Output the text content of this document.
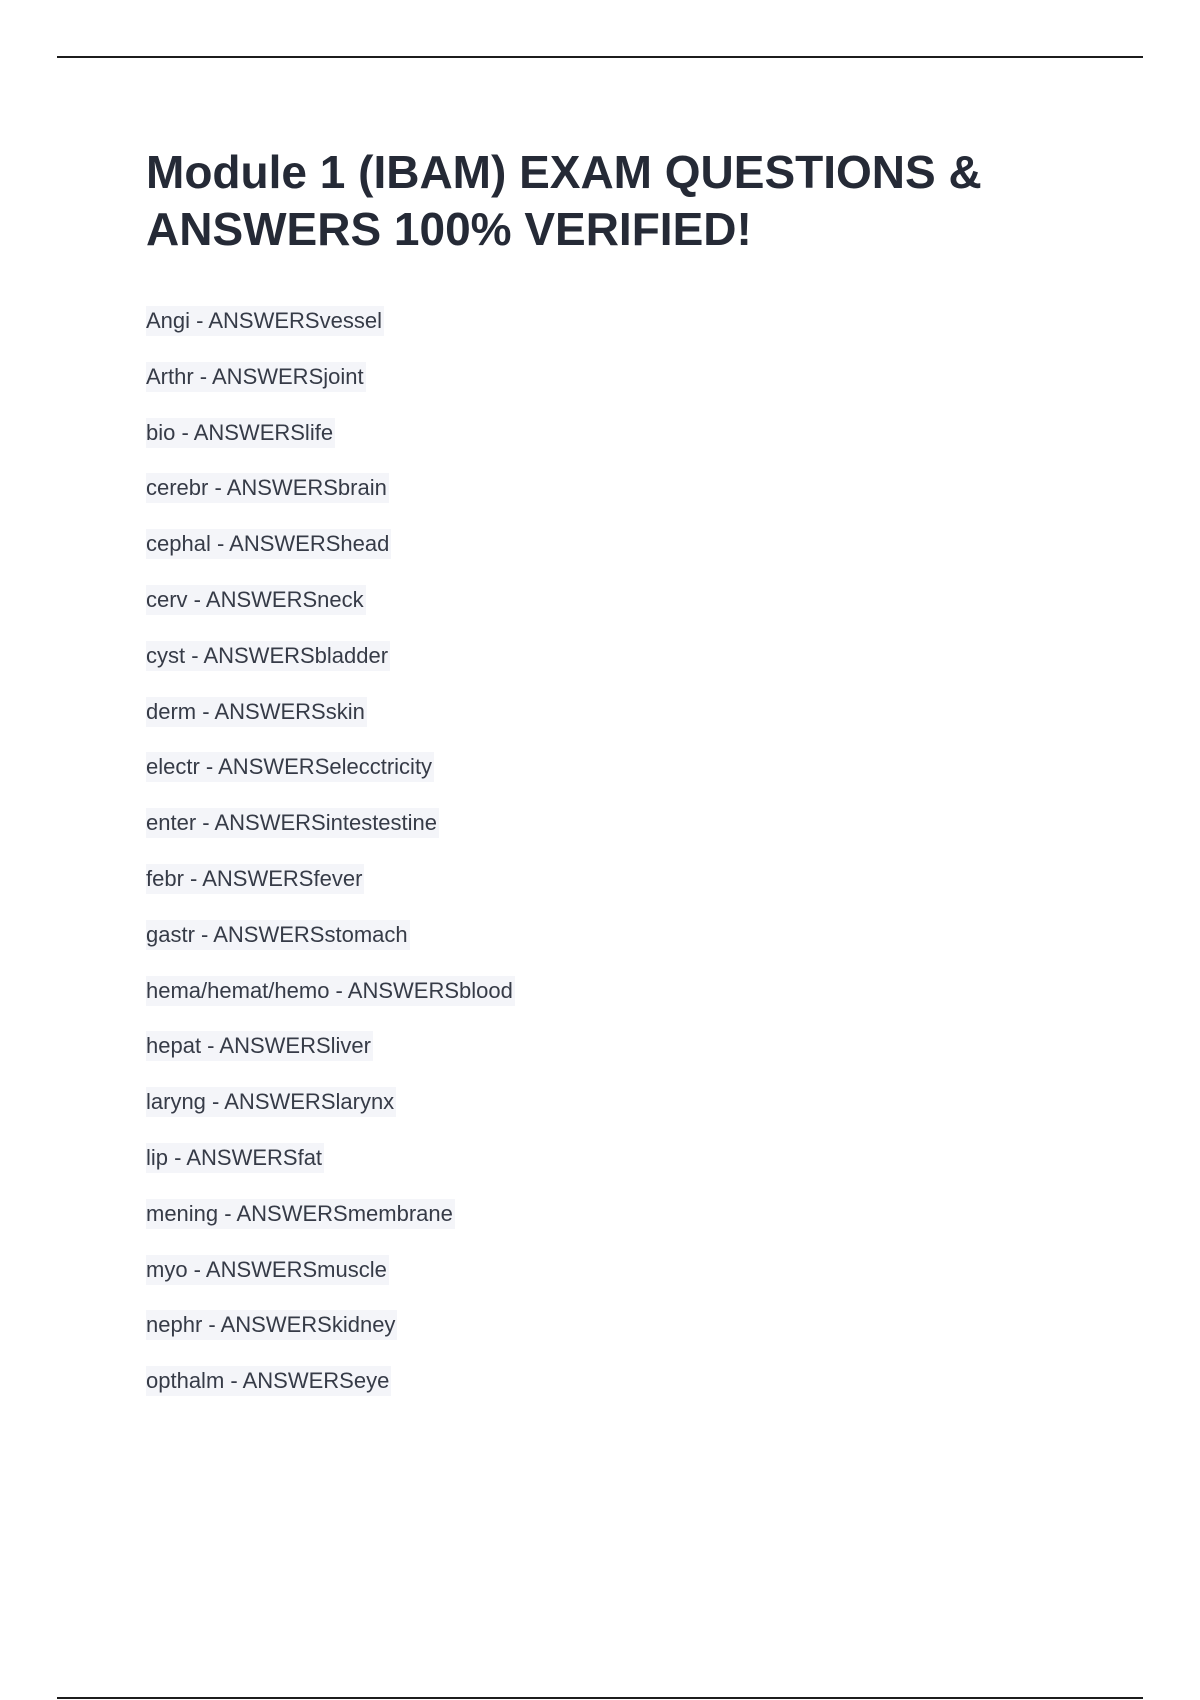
Module 1 (IBAM) EXAM QUESTIONS & ANSWERS 100% VERIFIED!
Angi - ANSWERSvessel
Arthr - ANSWERSjoint
bio - ANSWERSlife
cerebr - ANSWERSbrain
cephal - ANSWERShead
cerv - ANSWERSneck
cyst - ANSWERSbladder
derm - ANSWERSskin
electr - ANSWERSelecctricity
enter - ANSWERSintestestine
febr - ANSWERSfever
gastr - ANSWERSstomach
hema/hemat/hemo - ANSWERSblood
hepat - ANSWERSliver
laryng - ANSWERSlarynx
lip - ANSWERSfat
mening - ANSWERSmembrane
myo - ANSWERSmuscle
nephr - ANSWERSkidney
opthalm - ANSWERSeye
